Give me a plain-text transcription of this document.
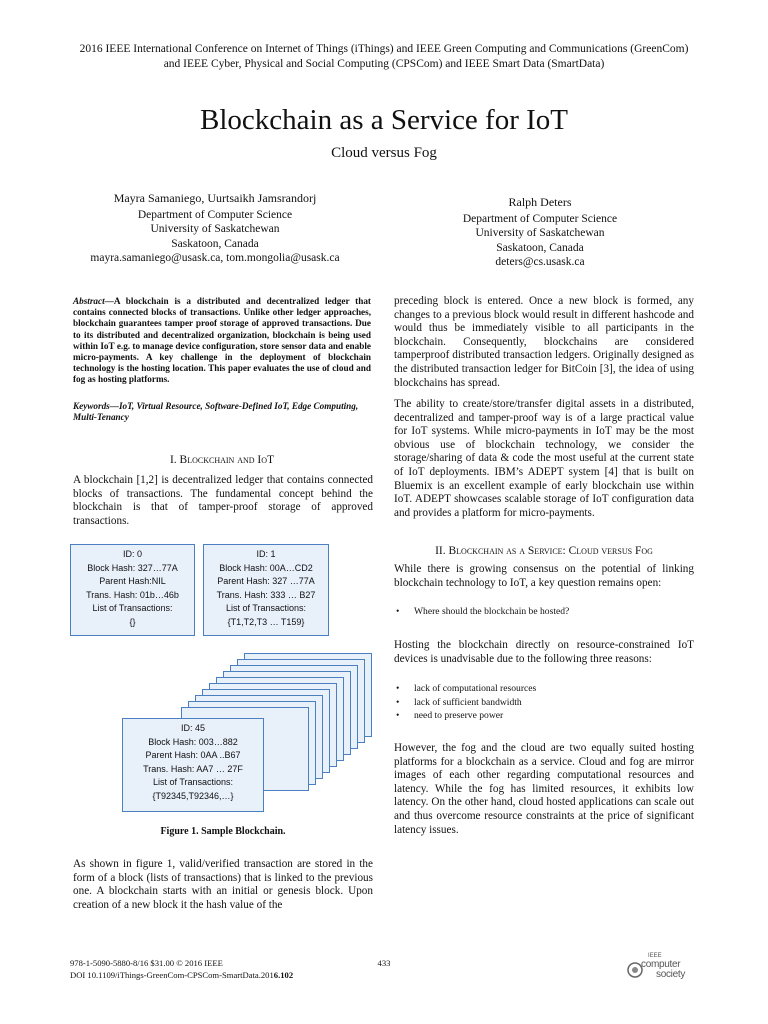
2016 IEEE International Conference on Internet of Things (iThings) and IEEE Green Computing and Communications (GreenCom)
and IEEE Cyber, Physical and Social Computing (CPSCom) and IEEE Smart Data (SmartData)
Blockchain as a Service for IoT
Cloud versus Fog
Mayra Samaniego, Uurtsaikh Jamsrandorj
Department of Computer Science
University of Saskatchewan
Saskatoon, Canada
mayra.samaniego@usask.ca, tom.mongolia@usask.ca
Ralph Deters
Department of Computer Science
University of Saskatchewan
Saskatoon, Canada
deters@cs.usask.ca
Abstract—A blockchain is a distributed and decentralized ledger that contains connected blocks of transactions. Unlike other ledger approaches, blockchain guarantees tamper proof storage of approved transactions. Due to its distributed and decentralized organization, blockchain is being used within IoT e.g. to manage device configuration, store sensor data and enable micro-payments. A key challenge in the deployment of blockchain technology is the hosting location. This paper evaluates the use of cloud and fog as hosting platforms.
Keywords—IoT, Virtual Resource, Software-Defined IoT, Edge Computing, Multi-Tenancy
I. Blockchain and IoT
A blockchain [1,2] is decentralized ledger that contains connected blocks of transactions. The fundamental concept behind the blockchain is that of tamper-proof storage of approved transactions.
ID: 0
Block Hash: 327…77A
Parent Hash:NIL
Trans. Hash: 01b…46b
List of Transactions:
{}
ID: 1
Block Hash: 00A…CD2
Parent Hash: 327 …77A
Trans. Hash: 333 … B27
List of Transactions:
{T1,T2,T3 … T159}
ID: 45
Block Hash: 003…882
Parent Hash: 0AA ..B67
Trans. Hash: AA7 … 27F
List of Transactions:
{T92345,T92346,…}
Figure 1. Sample Blockchain.
As shown in figure 1, valid/verified transaction are stored in the form of a block (lists of transactions) that is linked to the previous one. A blockchain starts with an initial or genesis block. Upon creation of a new block it the hash value of the
preceding block is entered. Once a new block is formed, any changes to a previous block would result in different hashcode and would thus be immediately visible to all participants in the blockchain. Consequently, blockchains are considered tamperproof distributed transaction ledgers. Originally designed as the distributed transaction ledger for BitCoin [3], the idea of using blockchains has spread.
The ability to create/store/transfer digital assets in a distributed, decentralized and tamper-proof way is of a large practical value for IoT systems. While micro-payments in IoT may be the most obvious use of blockchain technology, we consider the storage/sharing of data & code the most useful at the current state of IoT deployments. IBM’s ADEPT system [4] that is built on Bluemix is an excellent example of early blockchain use within IoT. ADEPT showcases scalable storage of IoT configuration data and provides a platform for micro-payments.
II. Blockchain as a Service: Cloud versus Fog
While there is growing consensus on the potential of linking blockchain technology to IoT, a key question remains open:
• Where should the blockchain be hosted?
Hosting the blockchain directly on resource-constrained IoT devices is unadvisable due to the following three reasons:
• lack of computational resources
• lack of sufficient bandwidth
• need to preserve power
However, the fog and the cloud are two equally suited hosting platforms for a blockchain as a service. Cloud and fog are mirror images of each other regarding computational resources and latency. While the fog has limited resources, it exhibits low latency. On the other hand, cloud hosted applications can scale out and thus overcome resource constraints at the price of significant latency issues.
978-1-5090-5880-8/16 $31.00 © 2016 IEEE
DOI 10.1109/iThings-GreenCom-CPSCom-SmartData.2016.102
433
IEEE
computer
society
